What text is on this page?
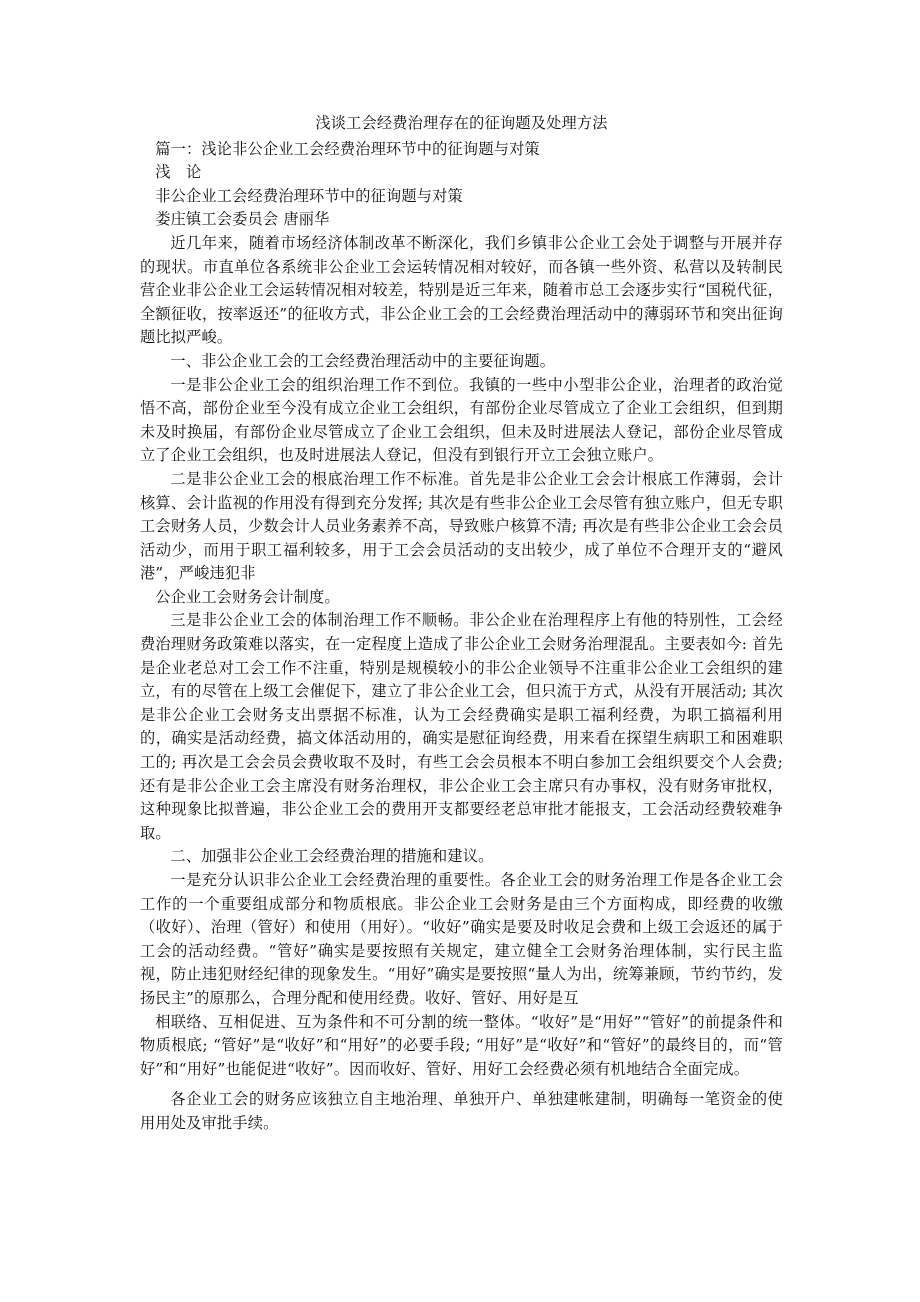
浅谈工会经费治理存在的征询题及处理方法

篇一：浅论非公企业工会经费治理环节中的征询题与对策

浅　论

非公企业工会经费治理环节中的征询题与对策

娄庄镇工会委员会 唐丽华

近几年来，随着市场经济体制改革不断深化，我们乡镇非公企业工会处于调整与开展并存的现状。市直单位各系统非公企业工会运转情况相对较好，而各镇一些外资、私营以及转制民营企业非公企业工会运转情况相对较差，特别是近三年来，随着市总工会逐步实行“国税代征，全额征收，按率返还”的征收方式，非公企业工会的工会经费治理活动中的薄弱环节和突出征询题比拟严峻。

一、非公企业工会的工会经费治理活动中的主要征询题。

一是非公企业工会的组织治理工作不到位。我镇的一些中小型非公企业，治理者的政治觉悟不高，部份企业至今没有成立企业工会组织，有部份企业尽管成立了企业工会组织，但到期未及时换届，有部份企业尽管成立了企业工会组织，但未及时进展法人登记，部份企业尽管成立了企业工会组织，也及时进展法人登记，但没有到银行开立工会独立账户。

二是非公企业工会的根底治理工作不标准。首先是非公企业工会会计根底工作薄弱，会计核算、会计监视的作用没有得到充分发挥; 其次是有些非公企业工会尽管有独立账户，但无专职工会财务人员，少数会计人员业务素养不高，导致账户核算不清; 再次是有些非公企业工会会员活动少，而用于职工福利较多，用于工会会员活动的支出较少，成了单位不合理开支的“避风港”，严峻违犯非

公企业工会财务会计制度。

三是非公企业工会的体制治理工作不顺畅。非公企业在治理程序上有他的特别性，工会经费治理财务政策难以落实，在一定程度上造成了非公企业工会财务治理混乱。主要表如今: 首先是企业老总对工会工作不注重，特别是规模较小的非公企业领导不注重非公企业工会组织的建立，有的尽管在上级工会催促下，建立了非公企业工会，但只流于方式，从没有开展活动; 其次是非公企业工会财务支出票据不标准，认为工会经费确实是职工福利经费，为职工搞福利用的，确实是活动经费，搞文体活动用的，确实是慰征询经费，用来看在探望生病职工和困难职工的; 再次是工会会员会费收取不及时，有些工会会员根本不明白参加工会组织要交个人会费; 还有是非公企业工会主席没有财务治理权，非公企业工会主席只有办事权，没有财务审批权，这种现象比拟普遍，非公企业工会的费用开支都要经老总审批才能报支，工会活动经费较难争取。

二、加强非公企业工会经费治理的措施和建议。

一是充分认识非公企业工会经费治理的重要性。各企业工会的财务治理工作是各企业工会工作的一个重要组成部分和物质根底。非公企业工会财务是由三个方面构成，即经费的收缴（收好）、治理（管好）和使用（用好）。“收好”确实是要及时收足会费和上级工会返还的属于工会的活动经费。“管好”确实是要按照有关规定，建立健全工会财务治理体制，实行民主监视，防止违犯财经纪律的现象发生。“用好”确实是要按照“量人为出，统筹兼顾，节约节约，发扬民主”的原那么，合理分配和使用经费。收好、管好、用好是互

相联络、互相促进、互为条件和不可分割的统一整体。“收好”是“用好”“管好”的前提条件和物质根底; “管好”是“收好”和“用好”的必要手段; “用好”是“收好”和“管好”的最终目的，而“管好”和“用好”也能促进“收好”。因而收好、管好、用好工会经费必须有机地结合全面完成。

各企业工会的财务应该独立自主地治理、单独开户、单独建帐建制，明确每一笔资金的使用用处及审批手续。
